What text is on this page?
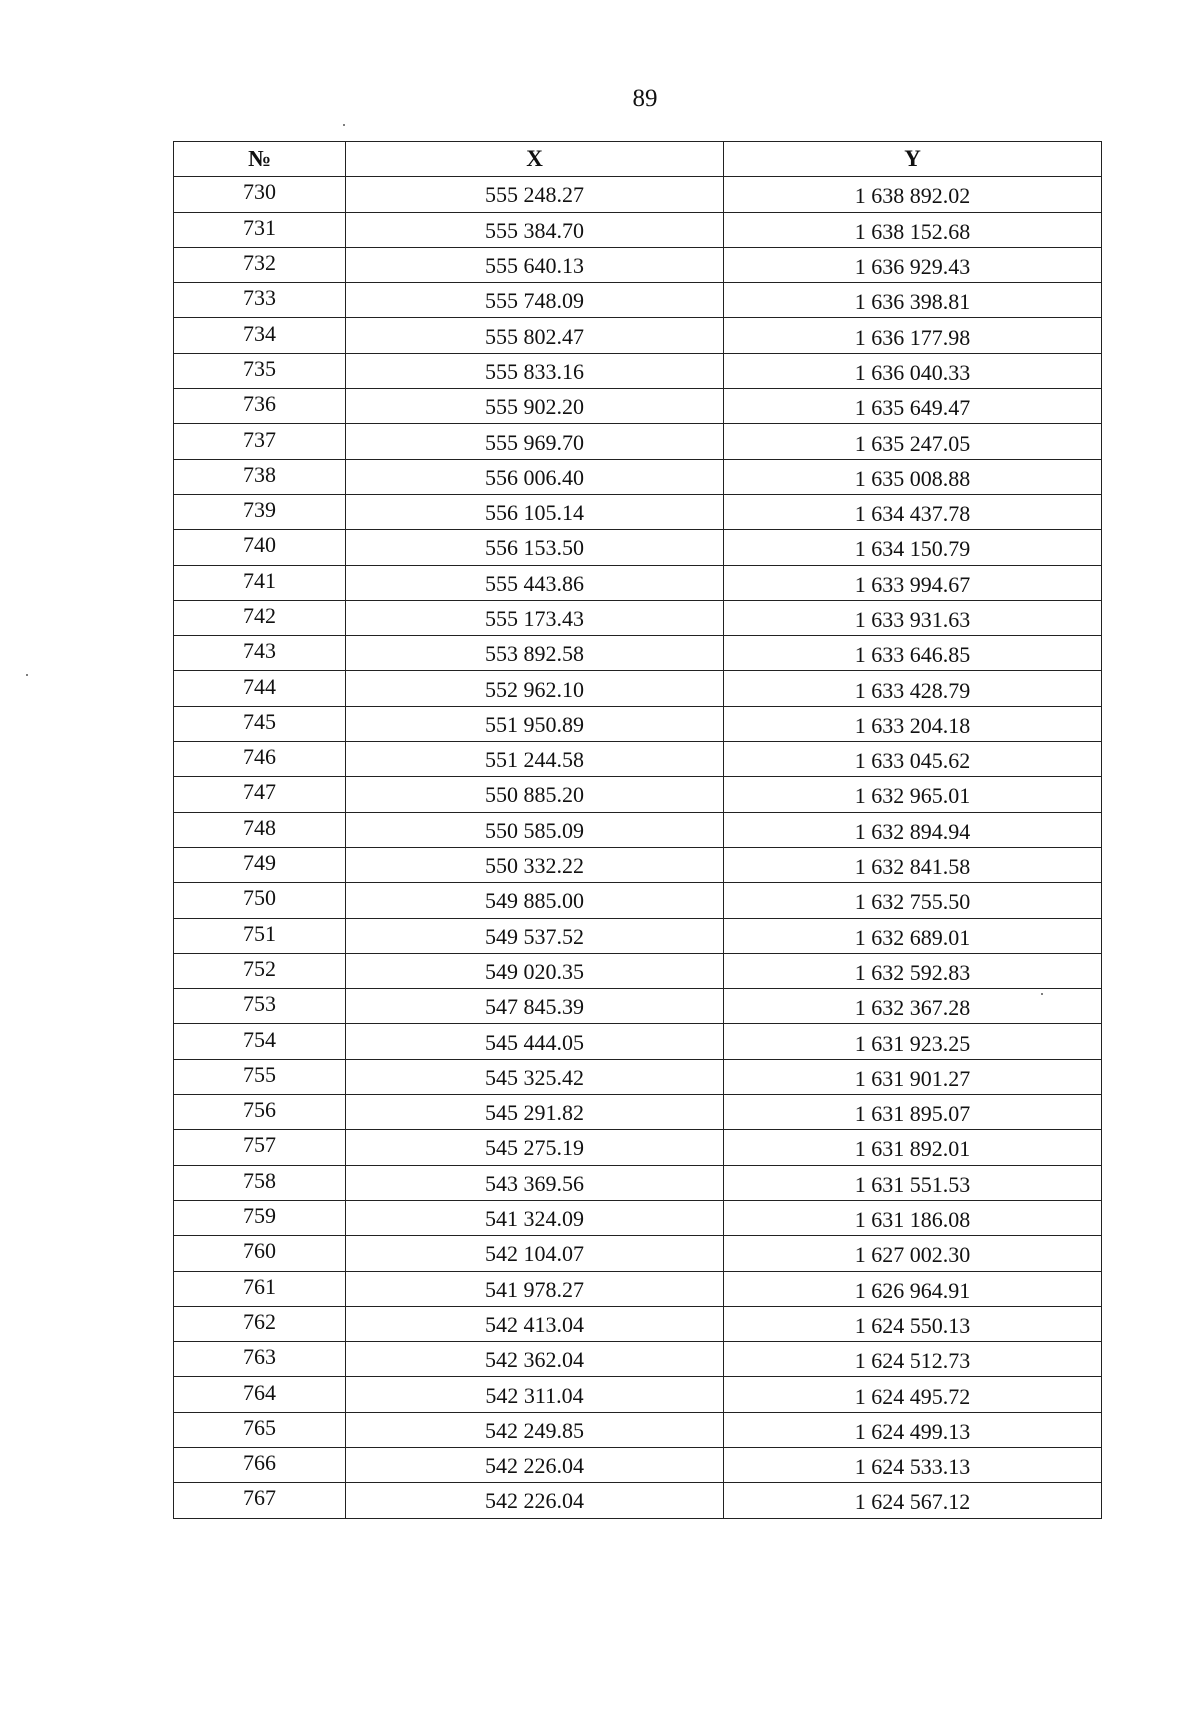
89
№	X	Y
730	555 248.27	1 638 892.02
731	555 384.70	1 638 152.68
732	555 640.13	1 636 929.43
733	555 748.09	1 636 398.81
734	555 802.47	1 636 177.98
735	555 833.16	1 636 040.33
736	555 902.20	1 635 649.47
737	555 969.70	1 635 247.05
738	556 006.40	1 635 008.88
739	556 105.14	1 634 437.78
740	556 153.50	1 634 150.79
741	555 443.86	1 633 994.67
742	555 173.43	1 633 931.63
743	553 892.58	1 633 646.85
744	552 962.10	1 633 428.79
745	551 950.89	1 633 204.18
746	551 244.58	1 633 045.62
747	550 885.20	1 632 965.01
748	550 585.09	1 632 894.94
749	550 332.22	1 632 841.58
750	549 885.00	1 632 755.50
751	549 537.52	1 632 689.01
752	549 020.35	1 632 592.83
753	547 845.39	1 632 367.28
754	545 444.05	1 631 923.25
755	545 325.42	1 631 901.27
756	545 291.82	1 631 895.07
757	545 275.19	1 631 892.01
758	543 369.56	1 631 551.53
759	541 324.09	1 631 186.08
760	542 104.07	1 627 002.30
761	541 978.27	1 626 964.91
762	542 413.04	1 624 550.13
763	542 362.04	1 624 512.73
764	542 311.04	1 624 495.72
765	542 249.85	1 624 499.13
766	542 226.04	1 624 533.13
767	542 226.04	1 624 567.12
